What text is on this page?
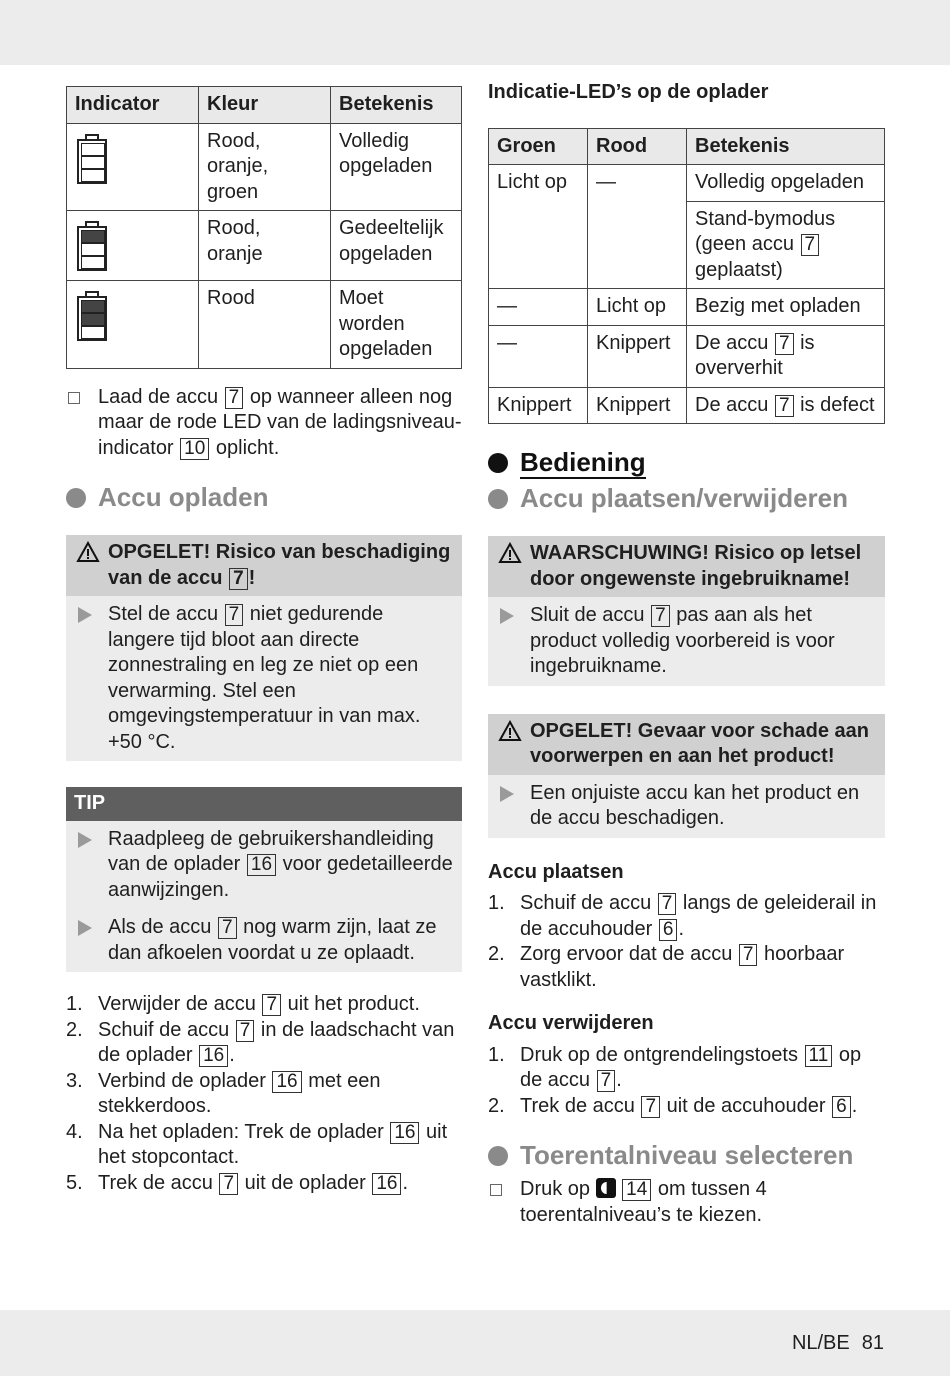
Indicator	Kleur	Betekenis

	Rood,
oranje,
groen	Volledig
opgeladen

	Rood,
oranje	Gedeeltelijk
opgeladen

	Rood	Moet
worden
opgeladen

Laad de accu 7 op wanneer alleen nog maar de rode LED van de ladingsniveau-indicator 10 oplicht.

Accu opladen
OPGELET! Risico van beschadiging van de accu 7 !
Stel de accu 7 niet gedurende langere tijd bloot aan directe zonnestraling en leg ze niet op een verwarming. Stel een omgevingstemperatuur in van max. +50 °C.
TIP
Raadpleeg de gebruikershandleiding van de oplader 16 voor gedetailleerde aanwijzingen.
Als de accu 7 nog warm zijn, laat ze dan afkoelen voordat u ze oplaadt.
1. Verwijder de accu 7 uit het product.
2. Schuif de accu 7 in de laadschacht van de oplader 16 .
3. Verbind de oplader 16 met een stekkerdoos.
4. Na het opladen: Trek de oplader 16 uit het stopcontact.
5. Trek de accu 7 uit de oplader 16 .

Indicatie-LED’s op de oplader

Groen	Rood	Betekenis
Licht op	—	Volledig opgeladen
		Stand-bymodus (geen accu 7 geplaatst)
—	Licht op	Bezig met opladen
—	Knippert	De accu 7 is oververhit
Knippert	Knippert	De accu 7 is defect
Bediening
Accu plaatsen/verwijderen
WAARSCHUWING! Risico op letsel door ongewenste ingebruikname!
Sluit de accu 7 pas aan als het product volledig voorbereid is voor ingebruikname.
OPGELET! Gevaar voor schade aan voorwerpen en aan het product!
Een onjuiste accu kan het product en de accu beschadigen.

Accu plaatsen

1. Schuif de accu 7 langs de geleiderail in de accuhouder 6 .
2. Zorg ervoor dat de accu 7 hoorbaar vastklikt.

Accu verwijderen

1. Druk op de ontgrendelingstoets 11 op de accu 7 .
2. Trek de accu 7 uit de accuhouder 6 .
Toerentalniveau selecteren

Druk op 14 om tussen 4 toerentalniveau’s te kiezen.

NL/BE 81
